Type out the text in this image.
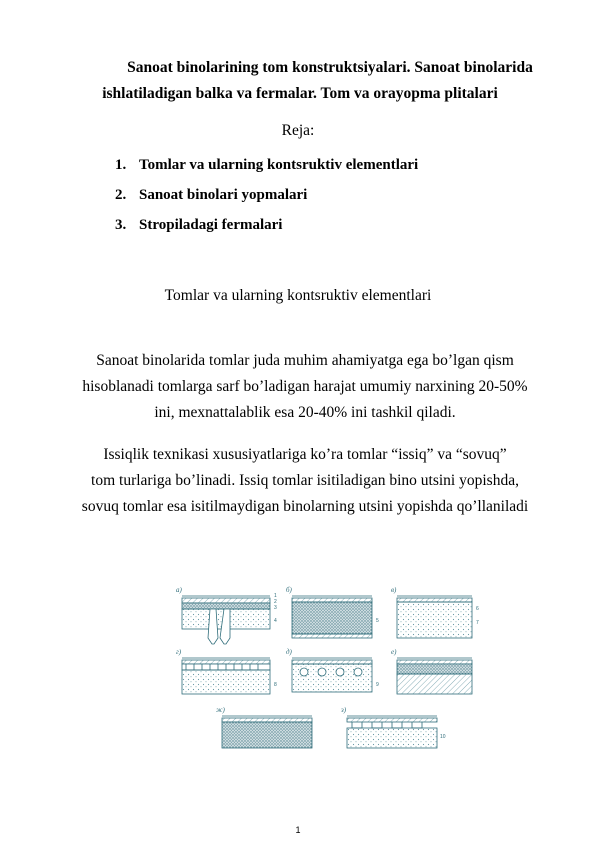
Sanoat binolarining tom konstruktsiyalari. Sanoat binolarida
ishlatiladigan balka va fermalar. Tom va orayopma plitalari
Reja:
1. Tomlar va ularning kontsruktiv elementlari
2. Sanoat binolari yopmalari
3. Stropiladagi fermalari
Tomlar va ularning kontsruktiv elementlari
Sanoat binolarida tomlar juda muhim ahamiyatga ega bo’lgan qism
hisoblanadi tomlarga sarf bo’ladigan harajat umumiy narxining 20-50%
ini, mexnattalablik esa 20-40% ini tashkil qiladi.
Issiqlik texnikasi xususiyatlariga ko’ra tomlar “issiq” va “sovuq”
tom turlariga bo’linadi. Issiq tomlar isitiladigan bino utsini yopishda,
sovuq tomlar esa isitilmaydigan binolarning utsini yopishda qo’llaniladi
а)	б)	в)
г)	д)	е)
ж)	з)
1
2
3
4	5
6
7
8	9
10
1
